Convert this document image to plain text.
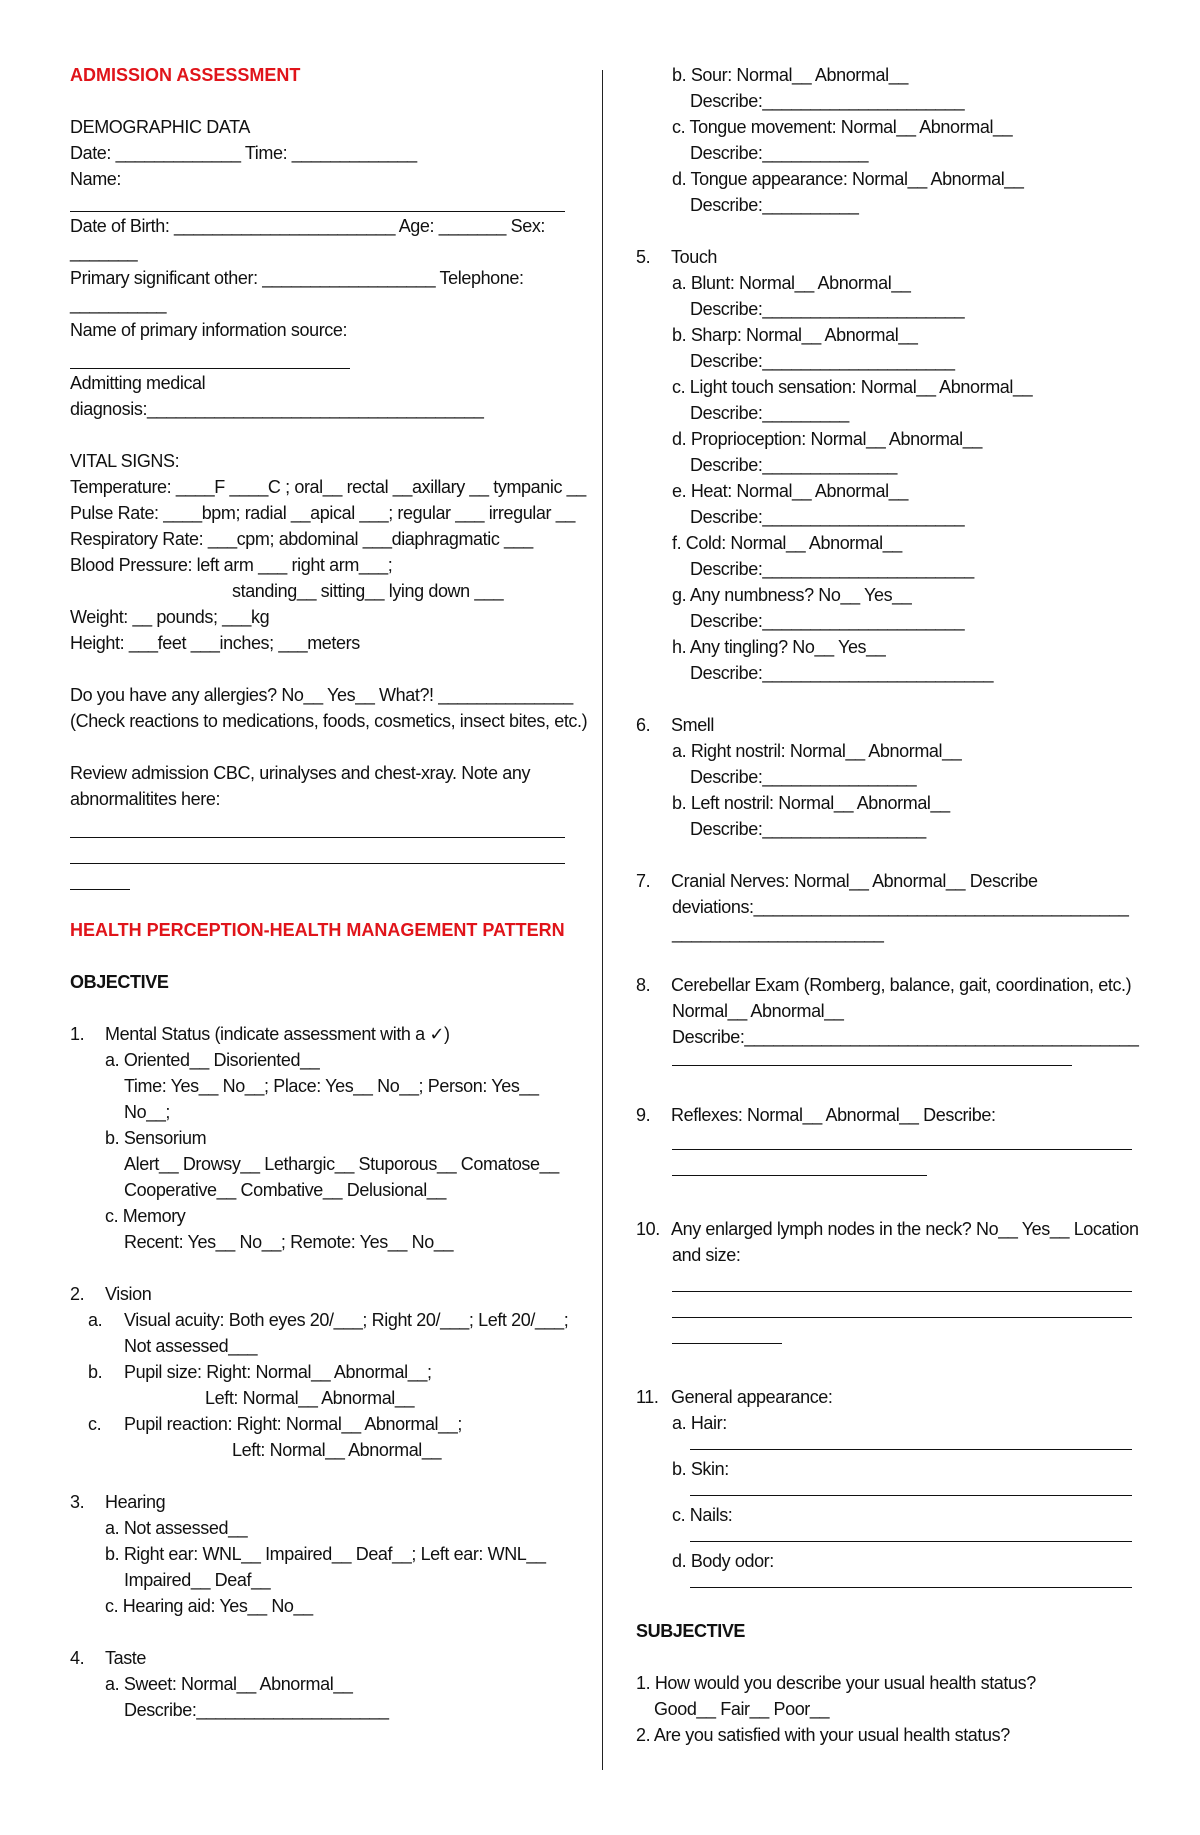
ADMISSION ASSESSMENT
DEMOGRAPHIC DATA
Date: _____________ Time: _____________
Name:
Date of Birth: _______________________ Age: _______ Sex:
_______
Primary significant other: __________________ Telephone:
__________
Name of primary information source:
Admitting medical
diagnosis:___________________________________
VITAL SIGNS:
Temperature: ____F ____C ; oral__ rectal __axillary __ tympanic __
Pulse Rate: ____bpm; radial __apical ___; regular ___ irregular __
Respiratory Rate: ___cpm; abdominal ___diaphragmatic ___
Blood Pressure: left arm ___ right arm___;
standing__ sitting__ lying down ___
Weight: __ pounds; ___kg
Height: ___feet ___inches; ___meters
Do you have any allergies? No__ Yes__ What?! ______________
(Check reactions to medications, foods, cosmetics, insect bites, etc.)
Review admission CBC, urinalyses and chest-xray. Note any
abnormalitites here:
HEALTH PERCEPTION-HEALTH MANAGEMENT PATTERN
OBJECTIVE
1. Mental Status (indicate assessment with a ✓)
a. Oriented__ Disoriented__
Time: Yes__ No__; Place: Yes__ No__; Person: Yes__
No__;
b. Sensorium
Alert__ Drowsy__ Lethargic__ Stuporous__ Comatose__
Cooperative__ Combative__ Delusional__
c. Memory
Recent: Yes__ No__; Remote: Yes__ No__
2. Vision
a. Visual acuity: Both eyes 20/___; Right 20/___; Left 20/___;
Not assessed___
b. Pupil size: Right: Normal__ Abnormal__;
Left: Normal__ Abnormal__
c. Pupil reaction: Right: Normal__ Abnormal__;
Left: Normal__ Abnormal__
3. Hearing
a. Not assessed__
b. Right ear: WNL__ Impaired__ Deaf__; Left ear: WNL__
Impaired__ Deaf__
c. Hearing aid: Yes__ No__
4. Taste
a. Sweet: Normal__ Abnormal__
Describe:____________________
b. Sour: Normal__ Abnormal__
Describe:_____________________
c. Tongue movement: Normal__ Abnormal__
Describe:___________
d. Tongue appearance: Normal__ Abnormal__
Describe:__________
5. Touch
a. Blunt: Normal__ Abnormal__
Describe:_____________________
b. Sharp: Normal__ Abnormal__
Describe:____________________
c. Light touch sensation: Normal__ Abnormal__
Describe:_________
d. Proprioception: Normal__ Abnormal__
Describe:______________
e. Heat: Normal__ Abnormal__
Describe:_____________________
f. Cold: Normal__ Abnormal__
Describe:______________________
g. Any numbness? No__ Yes__
Describe:_____________________
h. Any tingling? No__ Yes__
Describe:________________________
6. Smell
a. Right nostril: Normal__ Abnormal__
Describe:________________
b. Left nostril: Normal__ Abnormal__
Describe:_________________
7. Cranial Nerves: Normal__ Abnormal__ Describe
deviations:_______________________________________
______________________
8. Cerebellar Exam (Romberg, balance, gait, coordination, etc.)
Normal__ Abnormal__
Describe:_________________________________________
9. Reflexes: Normal__ Abnormal__ Describe:
10. Any enlarged lymph nodes in the neck? No__ Yes__ Location
and size:
11. General appearance:
a. Hair:
b. Skin:
c. Nails:
d. Body odor:
SUBJECTIVE
1. How would you describe your usual health status?
Good__ Fair__ Poor__
2. Are you satisfied with your usual health status?
